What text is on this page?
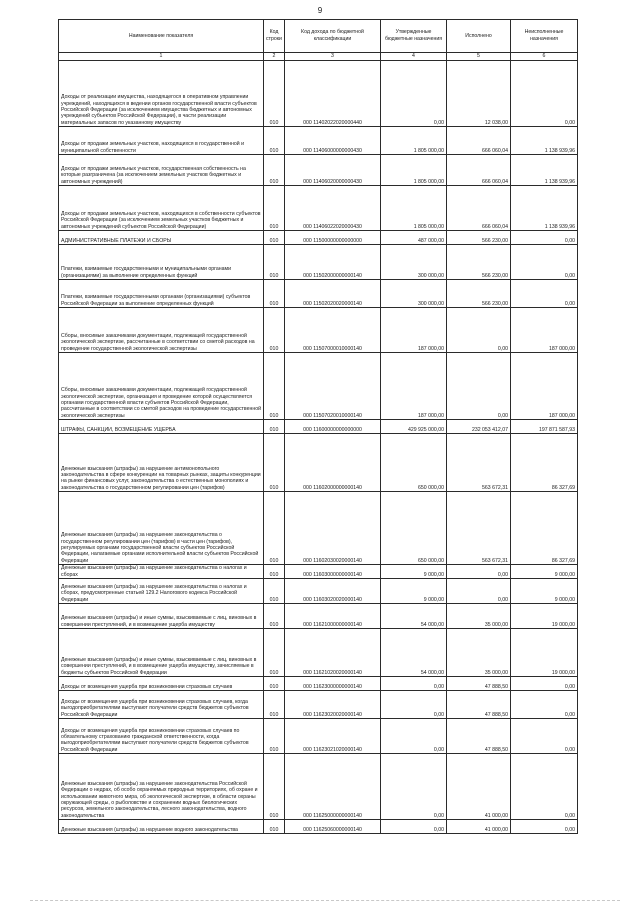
9
Наименование показателя	Код строки	Код дохода по бюджетной классификации	Утвержденные бюджетные назначения	Исполнено	Неисполненные назначения
1	2	3	4	5	6
Доходы от реализации имущества, находящегося в оперативном управлении учреждений, находящихся в ведении органов государственной власти субъектов Российской Федерации (за исключением имущества бюджетных и автономных учреждений субъектов Российской Федерации), в части реализации материальных запасов по указанному имуществу	010	000 11402022020000440	0,00	12 038,00	0,00
Доходы от продажи земельных участков, находящихся в государственной и муниципальной собственности	010	000 11406000000000430	1 805 000,00	666 060,04	1 138 939,96
Доходы от продажи земельных участков, государственная собственность на которые разграничена (за исключением земельных участков бюджетных и автономных учреждений)	010	000 11406020000000430	1 805 000,00	666 060,04	1 138 939,96
Доходы от продажи земельных участков, находящихся в собственности субъектов Российской Федерации (за исключением земельных участков бюджетных и автономных учреждений субъектов Российской Федерации)	010	000 11406022020000430	1 805 000,00	666 060,04	1 138 939,96
АДМИНИСТРАТИВНЫЕ ПЛАТЕЖИ И СБОРЫ	010	000 11500000000000000	487 000,00	566 230,00	0,00
Платежи, взимаемые государственными и муниципальными органами (организациями) за выполнение определенных функций	010	000 11502000000000140	300 000,00	566 230,00	0,00
Платежи, взимаемые государственными органами (организациями) субъектов Российской Федерации за выполнение определенных функций	010	000 11502020020000140	300 000,00	566 230,00	0,00
Сборы, вносимые заказчиками документации, подлежащей государственной экологической экспертизе, рассчитанные в соответствии со сметой расходов на проведение государственной экологической экспертизы	010	000 11507000010000140	187 000,00	0,00	187 000,00
Сборы, вносимые заказчиками документации, подлежащей государственной экологической экспертизе, организация и проведение которой осуществляется органами государственной власти субъектов Российской Федерации, рассчитанные в соответствии со сметой расходов на проведение государственной экологической экспертизы	010	000 11507020010000140	187 000,00	0,00	187 000,00
ШТРАФЫ, САНКЦИИ, ВОЗМЕЩЕНИЕ УЩЕРБА	010	000 11600000000000000	429 925 000,00	232 053 412,07	197 871 587,93
Денежные взыскания (штрафы) за нарушение антимонопольного законодательства в сфере конкуренции на товарных рынках, защиты конкуренции на рынке финансовых услуг, законодательства о естественных монополиях и законодательства о государственном регулировании цен (тарифов)	010	000 11602000000000140	650 000,00	563 672,31	86 327,69
Денежные взыскания (штрафы) за нарушение законодательства о государственном регулировании цен (тарифов) в части цен (тарифов), регулируемых органами государственной власти субъектов Российской Федерации, налагаемые органами исполнительной власти субъектов Российской Федерации	010	000 11602030020000140	650 000,00	563 672,31	86 327,69
Денежные взыскания (штрафы) за нарушение законодательства о налогах и сборах	010	000 11603000000000140	9 000,00	0,00	9 000,00
Денежные взыскания (штрафы) за нарушение законодательства о налогах и сборах, предусмотренные статьей 129.2 Налогового кодекса Российской Федерации	010	000 11603020020000140	9 000,00	0,00	9 000,00
Денежные взыскания (штрафы) и иные суммы, взыскиваемые с лиц, виновных в совершении преступлений, и в возмещение ущерба имуществу	010	000 11621000000000140	54 000,00	35 000,00	19 000,00
Денежные взыскания (штрафы) и иные суммы, взыскиваемые с лиц, виновных в совершении преступлений, и в возмещение ущерба имуществу, зачисляемые в бюджеты субъектов Российской Федерации	010	000 11621020020000140	54 000,00	35 000,00	19 000,00
Доходы от возмещения ущерба при возникновении страховых случаев	010	000 11623000000000140	0,00	47 888,50	0,00
Доходы от возмещения ущерба при возникновении страховых случаев, когда выгодоприобретателями выступают получатели средств бюджетов субъектов Российской Федерации	010	000 11623020020000140	0,00	47 888,50	0,00
Доходы от возмещения ущерба при возникновении страховых случаев по обязательному страхованию гражданской ответственности, когда выгодоприобретателями выступают получатели средств бюджетов субъектов Российской Федерации	010	000 11623021020000140	0,00	47 888,50	0,00
Денежные взыскания (штрафы) за нарушение законодательства Российской Федерации о недрах, об особо охраняемых природных территориях, об охране и использовании животного мира, об экологической экспертизе, в области охраны окружающей среды, о рыболовстве и сохранении водных биологических ресурсов, земельного законодательства, лесного законодательства, водного законодательства	010	000 11625000000000140	0,00	41 000,00	0,00
Денежные взыскания (штрафы) за нарушение водного законодательства	010	000 11625060000000140	0,00	41 000,00	0,00
